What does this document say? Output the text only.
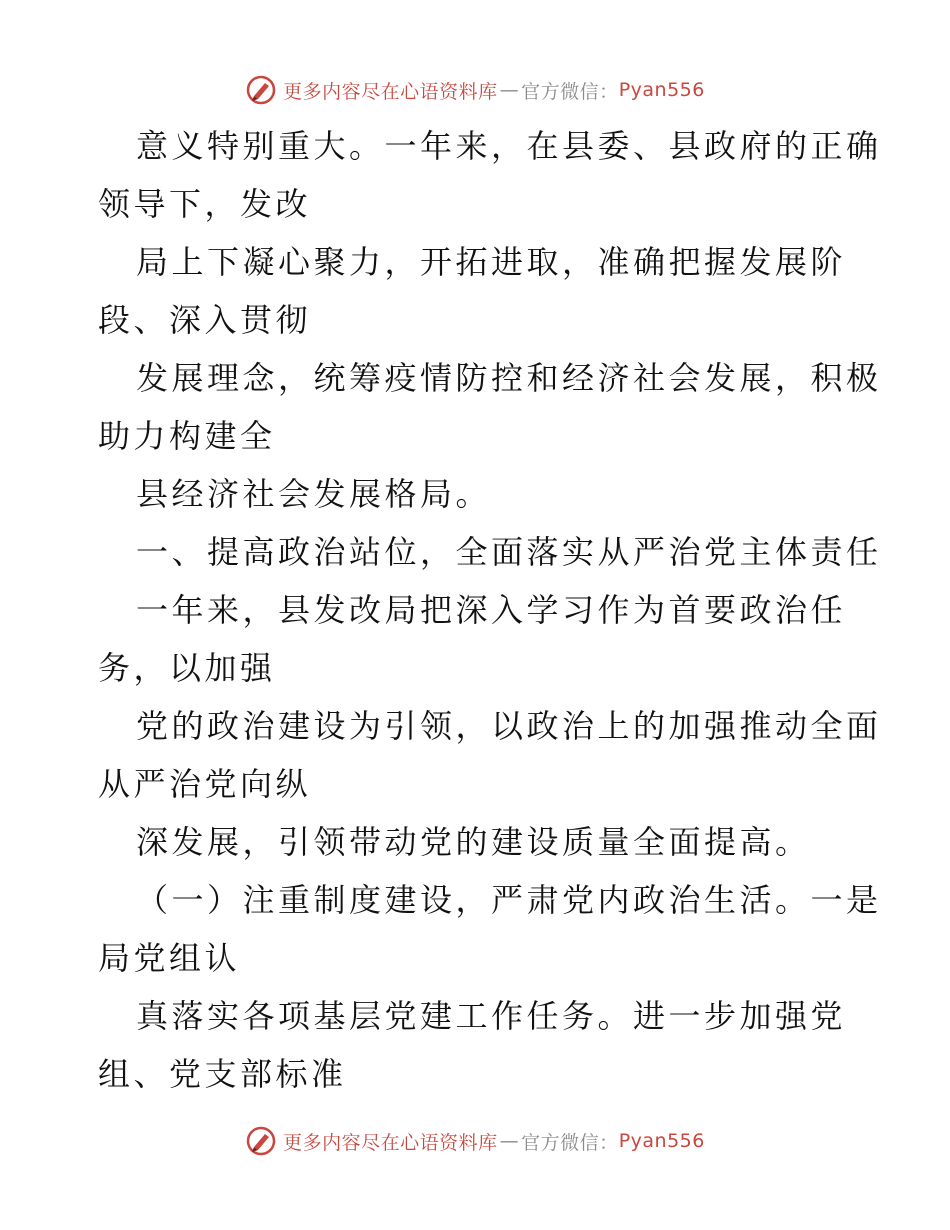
更多内容尽在心语资料库 — 官方微信： Pyan556
意义特别重大。一年来，在县委、县政府的正确
领导下，发改
局上下凝心聚力，开拓进取，准确把握发展阶
段、深入贯彻
发展理念，统筹疫情防控和经济社会发展，积极
助力构建全
县经济社会发展格局。
一、提高政治站位，全面落实从严治党主体责任
一年来，县发改局把深入学习作为首要政治任
务，以加强
党的政治建设为引领，以政治上的加强推动全面
从严治党向纵
深发展，引领带动党的建设质量全面提高。
（一）注重制度建设，严肃党内政治生活。一是
局党组认
真落实各项基层党建工作任务。进一步加强党
组、党支部标准
更多内容尽在心语资料库 — 官方微信： Pyan556
